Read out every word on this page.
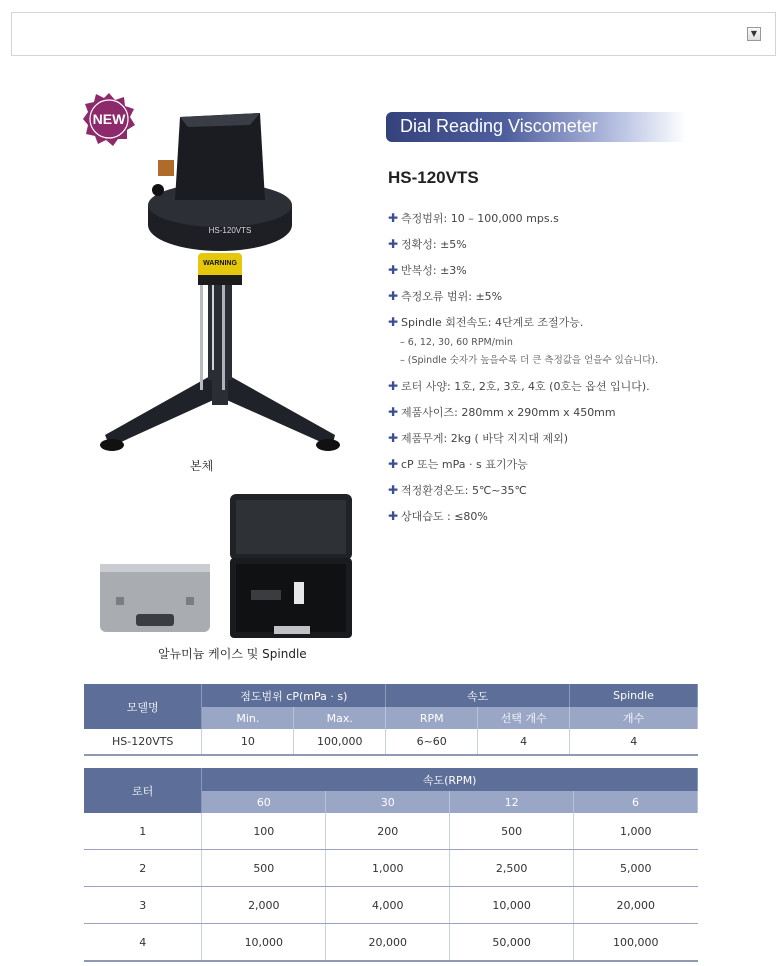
▼
NEW
WARNING
HS-120VTS
본체
알뉴미늄 케이스 및 Spindle
Dial Reading Viscometer
HS-120VTS
✚ 측정범위: 10 – 100,000 mps.s
✚ 정확성: ±5%
✚ 반복성: ±3%
✚ 측정오류 범위: ±5%
✚ Spindle 회전속도: 4단계로 조절가능.
– 6, 12, 30, 60 RPM/min
– (Spindle 숫자가 높을수록 더 큰 측정값을 얻을수 있습니다).
✚ 로터 사양: 1호, 2호, 3호, 4호 (0호는 옵션 입니다).
✚ 제품사이즈: 280mm x 290mm x 450mm
✚ 제품무게: 2kg ( 바닥 지지대 제외)
✚ cP 또는 mPa · s 표기가능
✚ 적정환경온도: 5℃~35℃
✚ 상대습도 : ≤80%
모델명	점도범위 cP(mPa · s)		속도		Spindle
	Min.	Max.	RPM	선택 개수	개수
HS-120VTS	10	100,000	6~60	4	4
로터	속도(RPM)			
	60	30	12	6
1	100	200	500	1,000
2	500	1,000	2,500	5,000
3	2,000	4,000	10,000	20,000
4	10,000	20,000	50,000	100,000
